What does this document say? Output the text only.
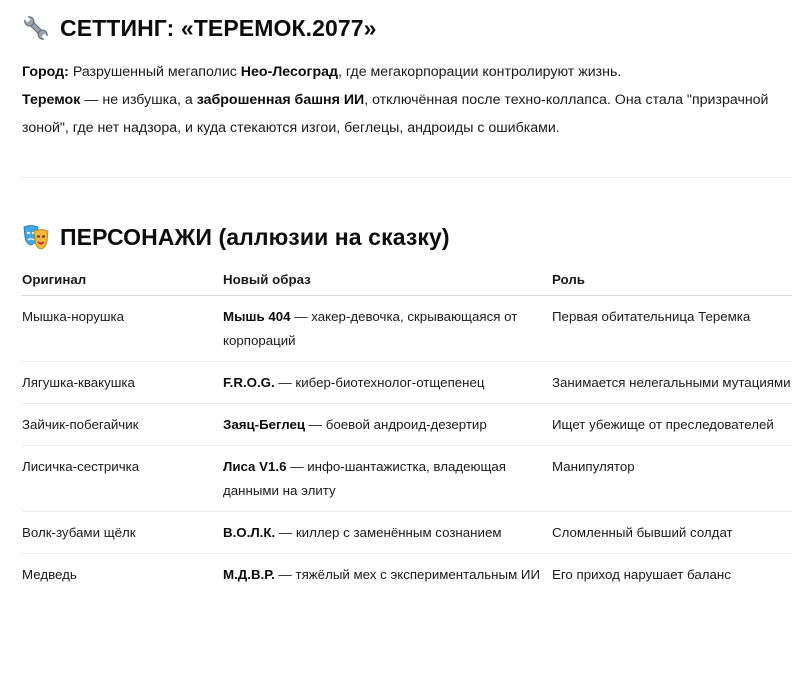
СЕТТИНГ: «ТЕРЕМОК.2077»

Город: Разрушенный мегаполис Нео-Лесоград, где мегакорпорации контролируют жизнь.

Теремок — не избушка, а заброшенная башня ИИ, отключённая после техно-коллапса. Она стала "призрачной зоной", где нет надзора, и куда стекаются изгои, беглецы, андроиды с ошибками.

ПЕРСОНАЖИ (аллюзии на сказку)
Оригинал	Новый образ	Роль
Мышка-норушка	Мышь 404 — хакер-девочка, скрывающаяся от корпораций	Первая обитательница Теремка
Лягушка-квакушка	F.R.O.G. — кибер-биотехнолог-отщепенец	Занимается нелегальными мутациями
Зайчик-побегайчик	Заяц-Беглец — боевой андроид-дезертир	Ищет убежище от преследователей
Лисичка-сестричка	Лиса V1.6 — инфо-шантажистка, владеющая данными на элиту	Манипулятор
Волк-зубами щёлк	В.О.Л.К. — киллер с заменённым сознанием	Сломленный бывший солдат
Медведь	М.Д.В.Р. — тяжёлый мех с экспериментальным ИИ	Его приход нарушает баланс
